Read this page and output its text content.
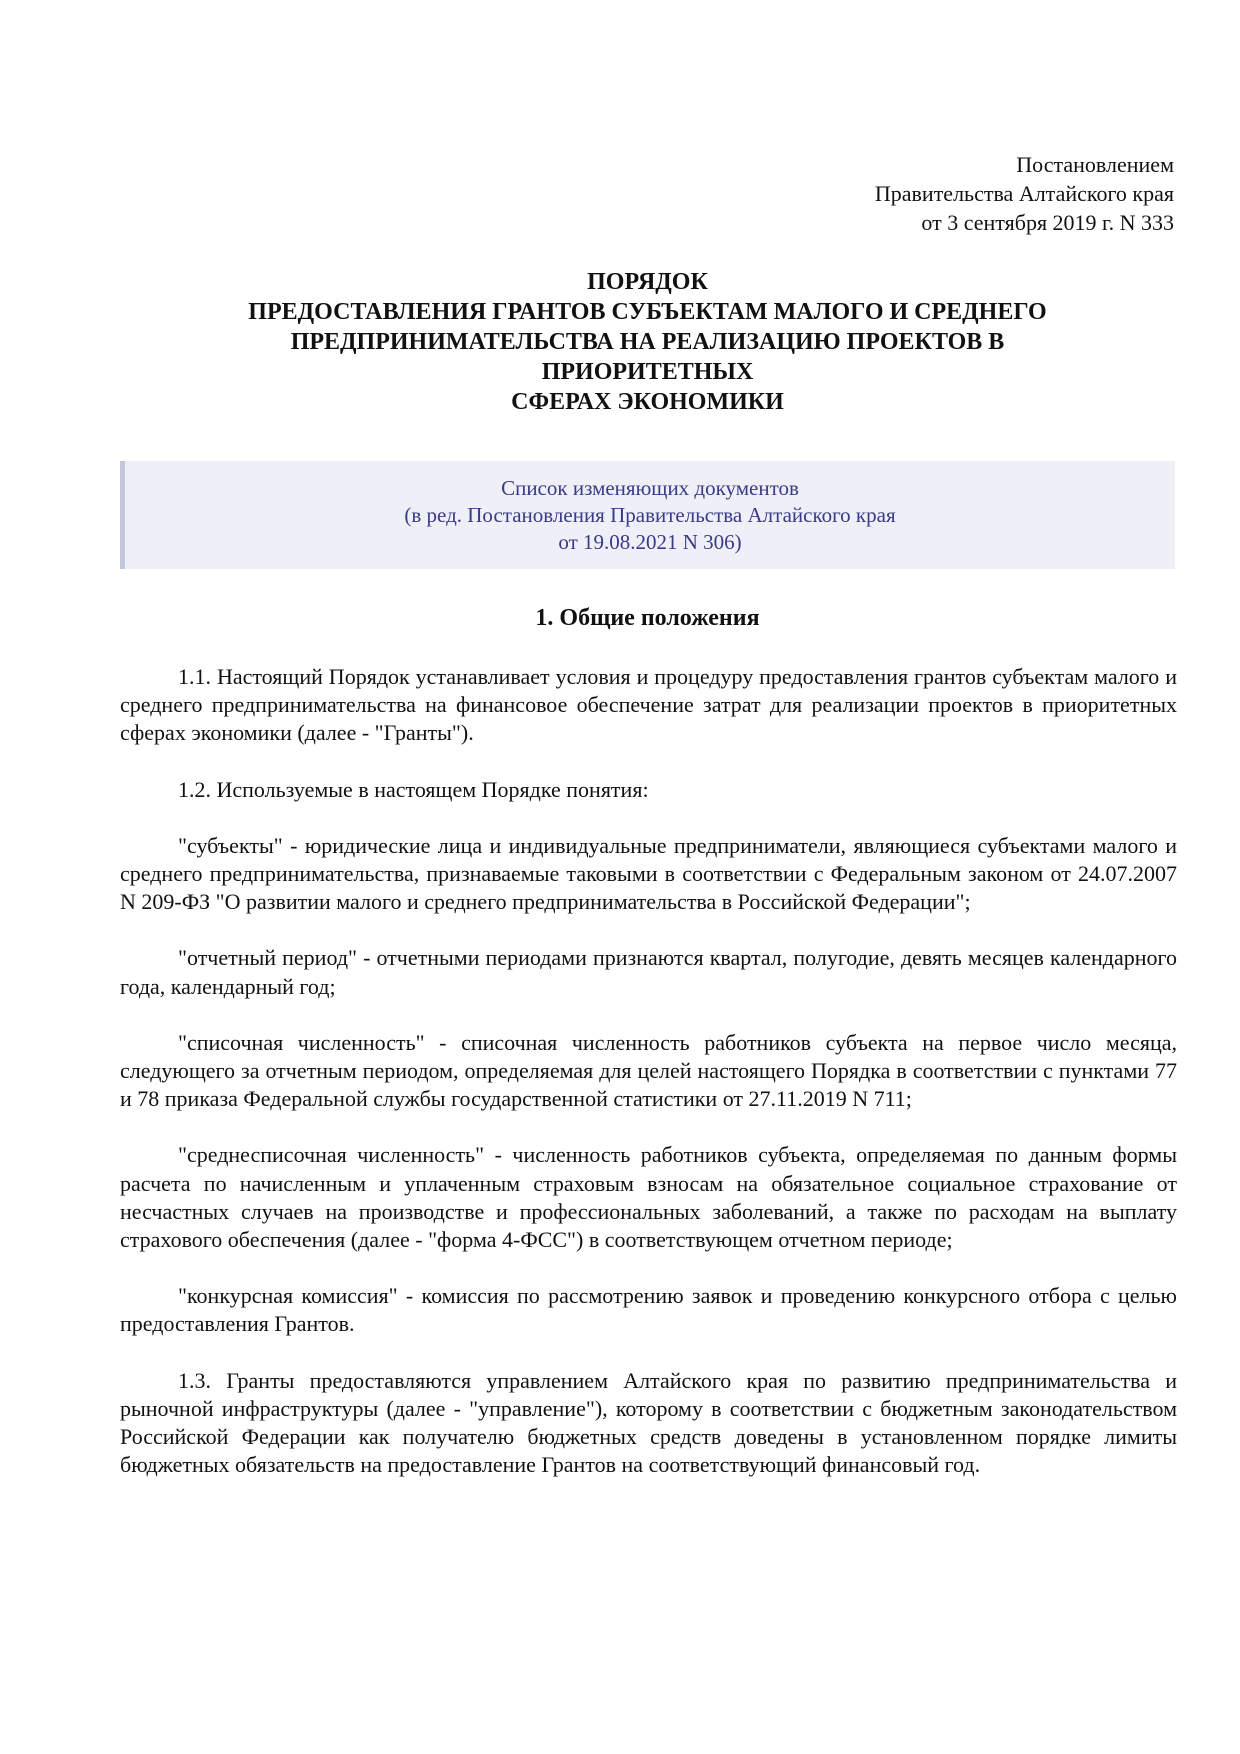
Постановлением
Правительства Алтайского края
от 3 сентября 2019 г. N 333
ПОРЯДОК
ПРЕДОСТАВЛЕНИЯ ГРАНТОВ СУБЪЕКТАМ МАЛОГО И СРЕДНЕГО
ПРЕДПРИНИМАТЕЛЬСТВА НА РЕАЛИЗАЦИЮ ПРОЕКТОВ В
ПРИОРИТЕТНЫХ
СФЕРАХ ЭКОНОМИКИ
Список изменяющих документов
(в ред. Постановления Правительства Алтайского края
от 19.08.2021 N 306)
1. Общие положения

1.1. Настоящий Порядок устанавливает условия и процедуру предоставления грантов субъектам малого и среднего предпринимательства на финансовое обеспечение затрат для реализации проектов в приоритетных сферах экономики (далее - "Гранты").

1.2. Используемые в настоящем Порядке понятия:

"субъекты" - юридические лица и индивидуальные предприниматели, являющиеся субъектами малого и среднего предпринимательства, признаваемые таковыми в соответствии с Федеральным законом от 24.07.2007 N 209-ФЗ "О развитии малого и среднего предпринимательства в Российской Федерации";

"отчетный период" - отчетными периодами признаются квартал, полугодие, девять месяцев календарного года, календарный год;

"списочная численность" - списочная численность работников субъекта на первое число месяца, следующего за отчетным периодом, определяемая для целей настоящего Порядка в соответствии с пунктами 77 и 78 приказа Федеральной службы государственной статистики от 27.11.2019 N 711;

"среднесписочная численность" - численность работников субъекта, определяемая по данным формы расчета по начисленным и уплаченным страховым взносам на обязательное социальное страхование от несчастных случаев на производстве и профессиональных заболеваний, а также по расходам на выплату страхового обеспечения (далее - "форма 4-ФСС") в соответствующем отчетном периоде;

"конкурсная комиссия" - комиссия по рассмотрению заявок и проведению конкурсного отбора с целью предоставления Грантов.

1.3. Гранты предоставляются управлением Алтайского края по развитию предпринимательства и рыночной инфраструктуры (далее - "управление"), которому в соответствии с бюджетным законодательством Российской Федерации как получателю бюджетных средств доведены в установленном порядке лимиты бюджетных обязательств на предоставление Грантов на соответствующий финансовый год.
